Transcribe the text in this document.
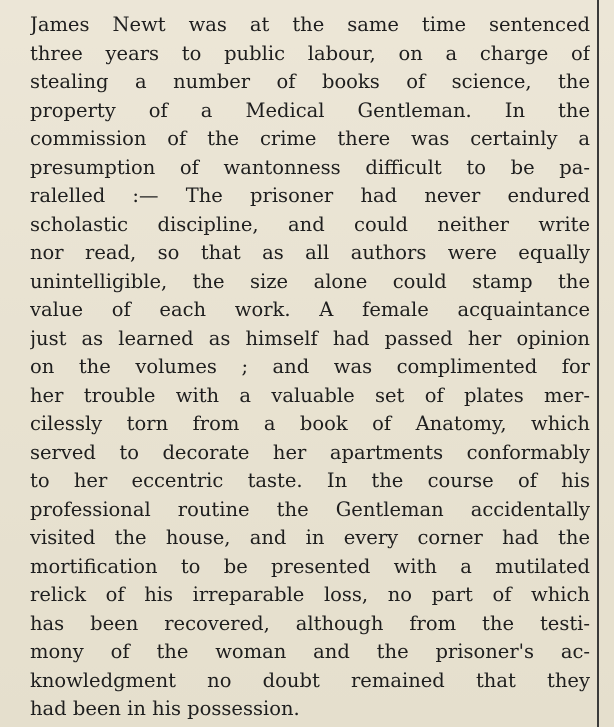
James Newt was at the same time sentenced
three years to public labour, on a charge of
stealing a number of books of science, the
property of a Medical Gentleman. In the
commission of the crime there was certainly a
presumption of wantonness difficult to be pa-
ralelled :— The prisoner had never endured
scholastic discipline, and could neither write
nor read, so that as all authors were equally
unintelligible, the size alone could stamp the
value of each work. A female acquaintance
just as learned as himself had passed her opinion
on the volumes ; and was complimented for
her trouble with a valuable set of plates mer-
cilessly torn from a book of Anatomy, which
served to decorate her apartments conformably
to her eccentric taste. In the course of his
professional routine the Gentleman accidentally
visited the house, and in every corner had the
mortification to be presented with a mutilated
relick of his irreparable loss, no part of which
has been recovered, although from the testi-
mony of the woman and the prisoner's ac-
knowledgment no doubt remained that they
had been in his possession.
